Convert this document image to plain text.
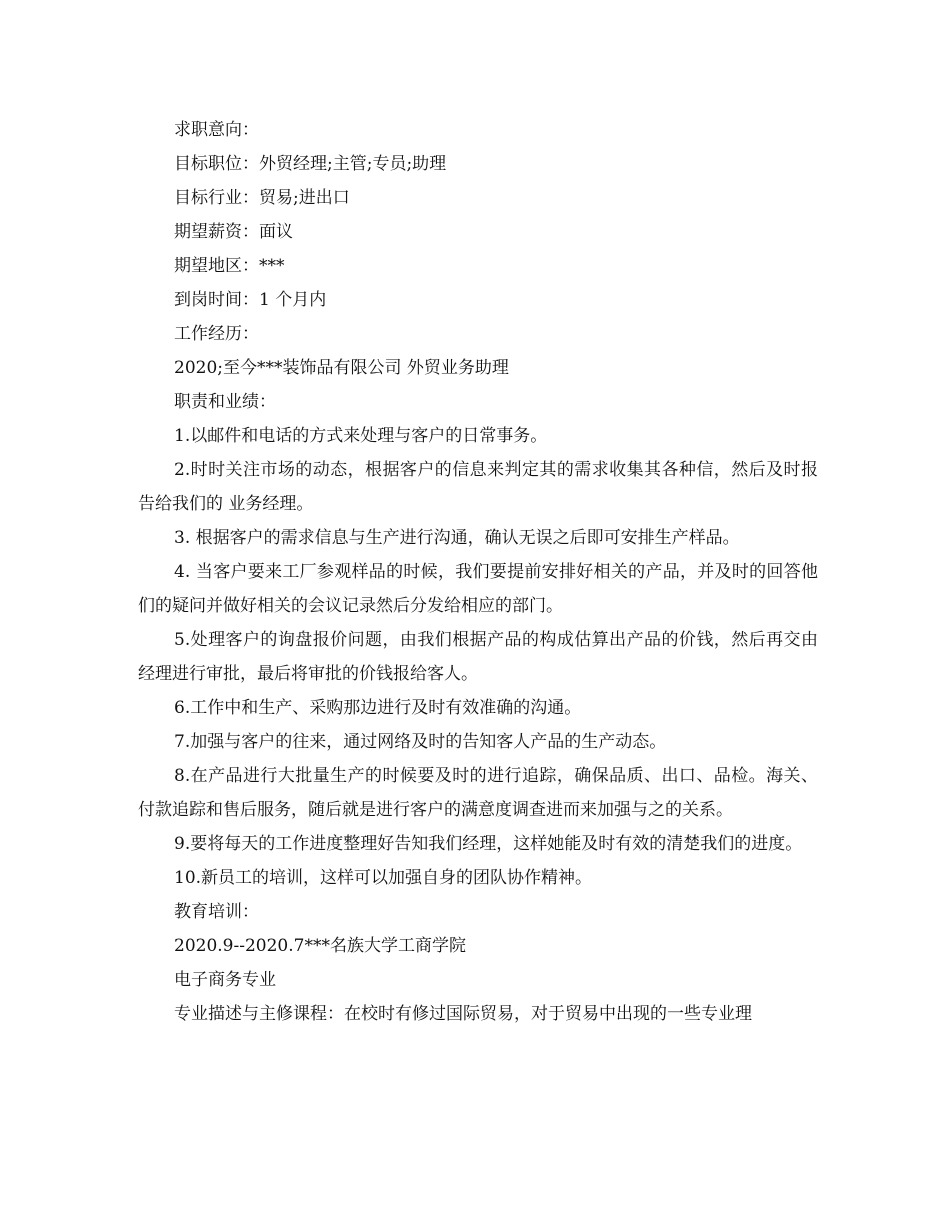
求职意向：

目标职位：外贸经理;主管;专员;助理

目标行业：贸易;进出口

期望薪资：面议

期望地区：***

到岗时间：1 个月内

工作经历：

2020;至今***装饰品有限公司 外贸业务助理

职责和业绩：

1.以邮件和电话的方式来处理与客户的日常事务。

2.时时关注市场的动态，根据客户的信息来判定其的需求收集其各种信，然后及时报告给我们的 业务经理。

3. 根据客户的需求信息与生产进行沟通，确认无误之后即可安排生产样品。

4. 当客户要来工厂参观样品的时候，我们要提前安排好相关的产品，并及时的回答他们的疑问并做好相关的会议记录然后分发给相应的部门。

5.处理客户的询盘报价问题，由我们根据产品的构成估算出产品的价钱，然后再交由经理进行审批，最后将审批的价钱报给客人。

6.工作中和生产、采购那边进行及时有效准确的沟通。

7.加强与客户的往来，通过网络及时的告知客人产品的生产动态。

8.在产品进行大批量生产的时候要及时的进行追踪，确保品质、出口、品检。海关、付款追踪和售后服务，随后就是进行客户的满意度调查进而来加强与之的关系。

9.要将每天的工作进度整理好告知我们经理，这样她能及时有效的清楚我们的进度。

10.新员工的培训，这样可以加强自身的团队协作精神。

教育培训：

2020.9--2020.7***名族大学工商学院

电子商务专业

专业描述与主修课程：在校时有修过国际贸易，对于贸易中出现的一些专业理
